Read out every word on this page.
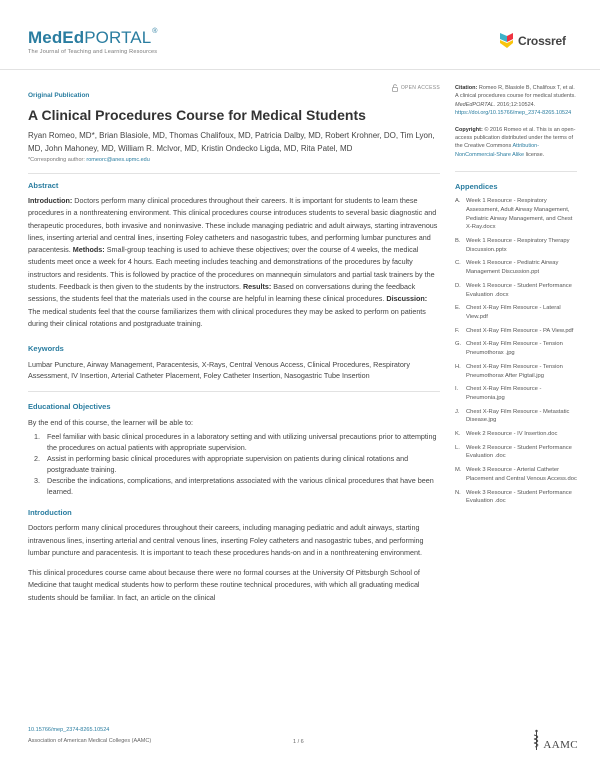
MedEdPORTAL®
The Journal of Teaching and Learning Resources
Crossref
Original Publication
OPEN ACCESS
A Clinical Procedures Course for Medical Students

Ryan Romeo, MD*, Brian Blasiole, MD, Thomas Chalifoux, MD, Patricia Dalby, MD, Robert Krohner, DO, Tim Lyon, MD, John Mahoney, MD, William R. McIvor, MD, Kristin Ondecko Ligda, MD, Rita Patel, MD

*Corresponding author: romeorc@anes.upmc.edu

Abstract

Introduction: Doctors perform many clinical procedures throughout their careers. It is important for students to learn these procedures in a nonthreatening environment. This clinical procedures course introduces students to several basic diagnostic and therapeutic procedures, both invasive and noninvasive. These include managing pediatric and adult airways, starting intravenous lines, inserting arterial and central lines, inserting Foley catheters and nasogastric tubes, and performing lumbar punctures and paracentesis. Methods: Small-group teaching is used to achieve these objectives; over the course of 4 weeks, the medical students meet once a week for 4 hours. Each meeting includes teaching and demonstrations of the procedures by faculty instructors and residents. This is followed by practice of the procedures on mannequin simulators and partial task trainers by the students. Feedback is then given to the students by the instructors. Results: Based on conversations during the feedback sessions, the students feel that the materials used in the course are helpful in learning these clinical procedures. Discussion: The medical students feel that the course familiarizes them with clinical procedures they may be asked to perform on patients during their clinical rotations and postgraduate training.

Keywords

Lumbar Puncture, Airway Management, Paracentesis, X-Rays, Central Venous Access, Clinical Procedures, Respiratory Assessment, IV Insertion, Arterial Catheter Placement, Foley Catheter Insertion, Nasogastric Tube Insertion

Educational Objectives

By the end of this course, the learner will be able to:

1. Feel familiar with basic clinical procedures in a laboratory setting and with utilizing universal precautions prior to attempting the procedures on actual patients with appropriate supervision.
2. Assist in performing basic clinical procedures with appropriate supervision on patients during clinical rotations and postgraduate training.
3. Describe the indications, complications, and interpretations associated with the various clinical procedures that have been learned.
Introduction

Doctors perform many clinical procedures throughout their careers, including managing pediatric and adult airways, starting intravenous lines, inserting arterial and central venous lines, inserting Foley catheters and nasogastric tubes, and performing lumbar puncture and paracentesis. It is important to teach these procedures hands-on and in a nonthreatening environment.

This clinical procedures course came about because there were no formal courses at the University Of Pittsburgh School of Medicine that taught medical students how to perform these routine technical procedures, with which all graduating medical students should be familiar. In fact, an article on the clinical

Citation: Romeo R, Blasiole B, Chalifoux T, et al. A clinical procedures course for medical students. MedEdPORTAL. 2016;12:10524. https://doi.org/10.15766/mep_2374-8265.10524

Copyright: © 2016 Romeo et al. This is an open-access publication distributed under the terms of the Creative Commons Attribution-NonCommercial-Share Alike license.

Appendices
A. Week 1 Resource - Respiratory Assessment, Adult Airway Management, Pediatric Airway Management, and Chest X-Ray.docx
B. Week 1 Resource - Respiratory Therapy Discussion.pptx
C. Week 1 Resource - Pediatric Airway Management Discussion.ppt
D. Week 1 Resource - Student Performance Evaluation .docx
E. Chest X-Ray Film Resource - Lateral View.pdf
F.	Chest X-Ray Film Resource - PA View.pdf
G. Chest X-Ray Film Resource - Tension Pneumothorax .jpg
H. Chest X-Ray Film Resource - Tension Pneumothorax After Pigtail.jpg
I.	Chest X-Ray Film Resource - Pneumonia.jpg
J.	Chest X-Ray Film Resource - Metastatic Disease.jpg
K. Week 2 Resource - IV Insertion.doc
L.	Week 2 Resource - Student Performance Evaluation .doc
M. Week 3 Resource - Arterial Catheter Placement and Central Venous Access.doc
N. Week 3 Resource - Student Performance Evaluation .doc
10.15766/mep_2374-8265.10524
Association of American Medical Colleges (AAMC)	1 / 6	AAMC
